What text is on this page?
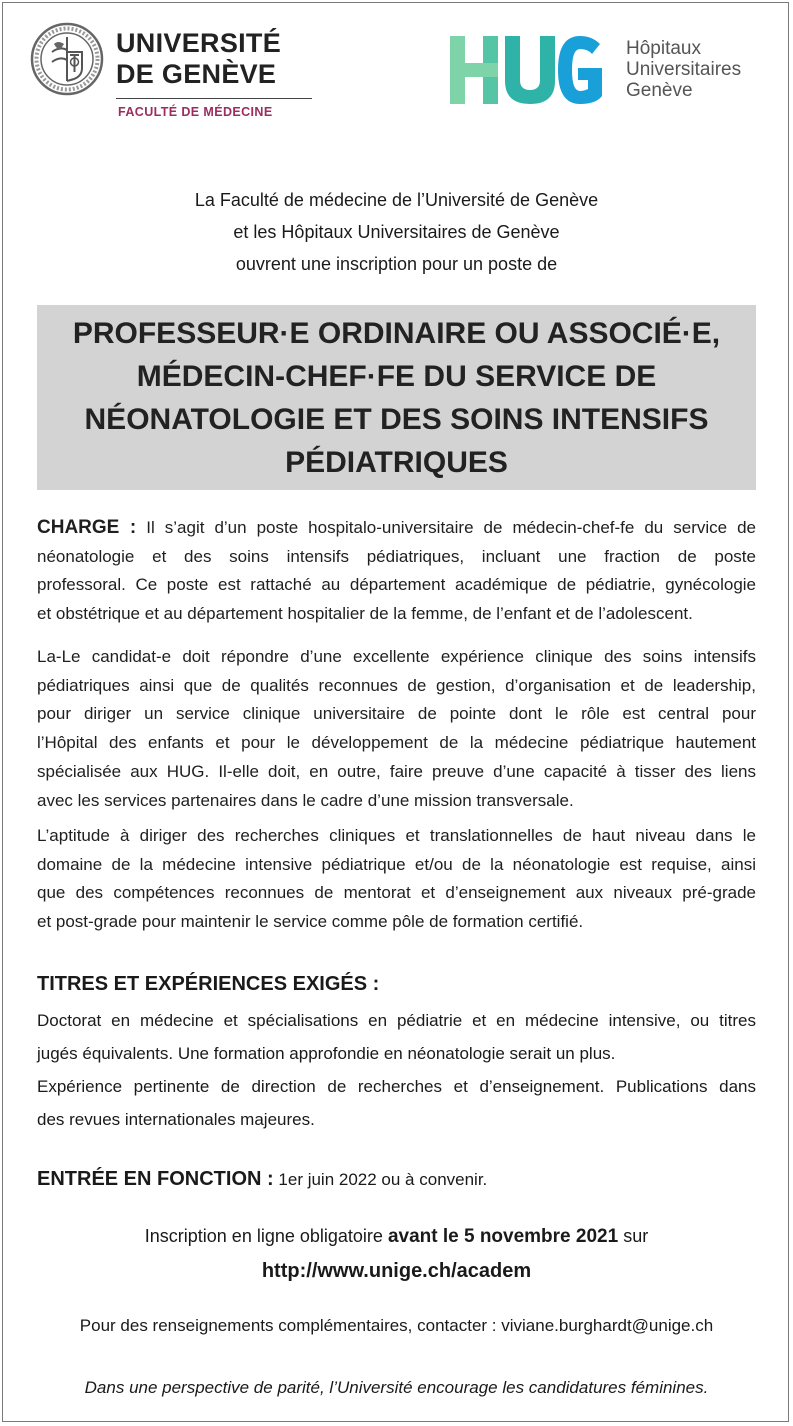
UNIVERSITÉ
DE GENÈVE
FACULTÉ DE MÉDECINE
Hôpitaux
Universitaires
Genève
La Faculté de médecine de l’Université de Genève
et les Hôpitaux Universitaires de Genève
ouvrent une inscription pour un poste de
PROFESSEUR·E ORDINAIRE OU ASSOCIÉ·E,
MÉDECIN-CHEF·FE DU SERVICE DE
NÉONATOLOGIE ET DES SOINS INTENSIFS
PÉDIATRIQUES
CHARGE : Il s’agit d’un poste hospitalo-universitaire de médecin-chef-fe du service de
néonatologie et des soins intensifs pédiatriques, incluant une fraction de poste
professoral. Ce poste est rattaché au département académique de pédiatrie, gynécologie
et obstétrique et au département hospitalier de la femme, de l’enfant et de l’adolescent.
La-Le candidat-e doit répondre d’une excellente expérience clinique des soins intensifs
pédiatriques ainsi que de qualités reconnues de gestion, d’organisation et de leadership,
pour diriger un service clinique universitaire de pointe dont le rôle est central pour
l’Hôpital des enfants et pour le développement de la médecine pédiatrique hautement
spécialisée aux HUG. Il-elle doit, en outre, faire preuve d’une capacité à tisser des liens
avec les services partenaires dans le cadre d’une mission transversale.
L’aptitude à diriger des recherches cliniques et translationnelles de haut niveau dans le
domaine de la médecine intensive pédiatrique et/ou de la néonatologie est requise, ainsi
que des compétences reconnues de mentorat et d’enseignement aux niveaux pré-grade
et post-grade pour maintenir le service comme pôle de formation certifié.
TITRES ET EXPÉRIENCES EXIGÉS :
Doctorat en médecine et spécialisations en pédiatrie et en médecine intensive, ou titres
jugés équivalents. Une formation approfondie en néonatologie serait un plus.
Expérience pertinente de direction de recherches et d’enseignement. Publications dans
des revues internationales majeures.
ENTRÉE EN FONCTION : 1er juin 2022 ou à convenir.
Inscription en ligne obligatoire avant le 5 novembre 2021 sur
http://www.unige.ch/academ
Pour des renseignements complémentaires, contacter : viviane.burghardt@unige.ch
Dans une perspective de parité, l’Université encourage les candidatures féminines.
